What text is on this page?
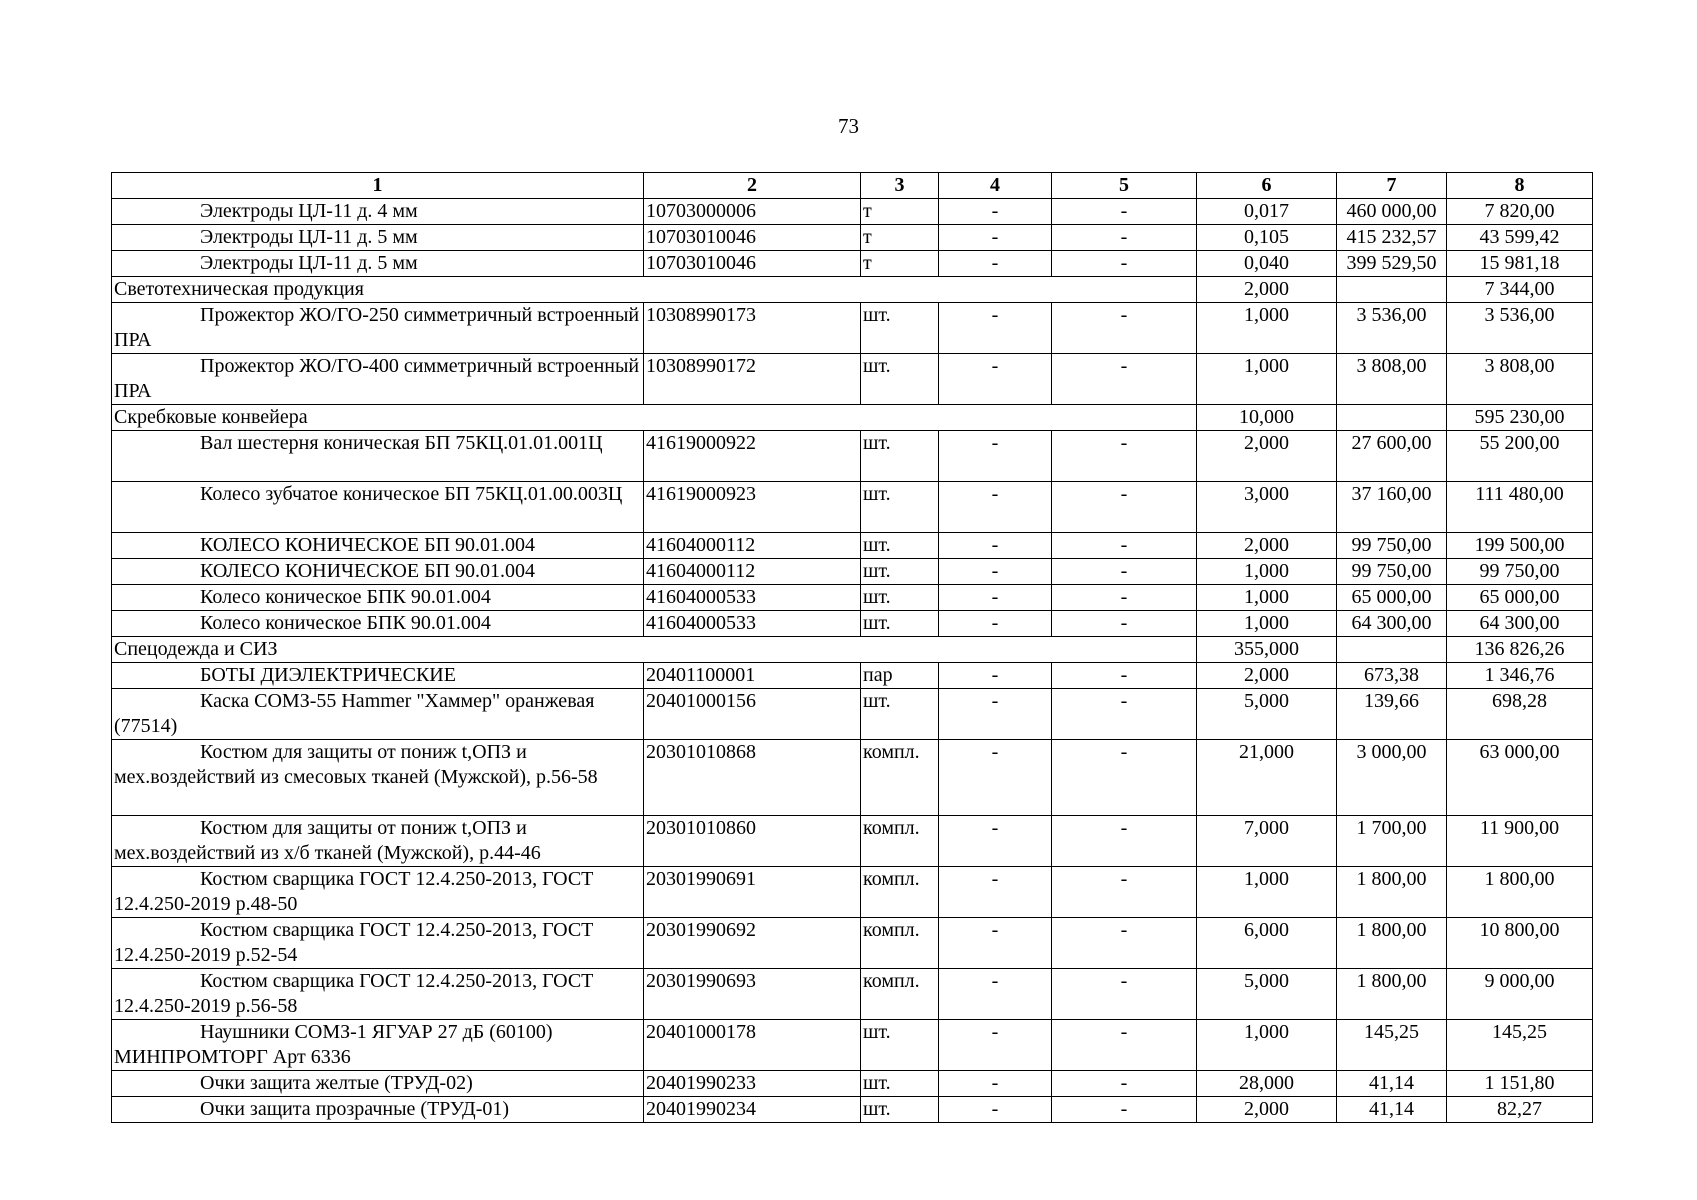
73
1	2	3	4	5	6	7	8
Электроды ЦЛ-11 д. 4 мм	10703000006	т	-	-	0,017	460 000,00	7 820,00
Электроды ЦЛ-11 д. 5 мм	10703010046	т	-	-	0,105	415 232,57	43 599,42
Электроды ЦЛ-11 д. 5 мм	10703010046	т	-	-	0,040	399 529,50	15 981,18
Светотехническая продукция					2,000		7 344,00
Прожектор ЖО/ГО-250 симметричный встроенный ПРА	10308990173	шт.	-	-	1,000	3 536,00	3 536,00
Прожектор ЖО/ГО-400 симметричный встроенный ПРА	10308990172	шт.	-	-	1,000	3 808,00	3 808,00
Скребковые конвейера					10,000		595 230,00
Вал шестерня коническая БП 75КЦ.01.01.001Ц	41619000922	шт.	-	-	2,000	27 600,00	55 200,00
Колесо зубчатое коническое БП 75КЦ.01.00.003Ц	41619000923	шт.	-	-	3,000	37 160,00	111 480,00
КОЛЕСО КОНИЧЕСКОЕ БП 90.01.004	41604000112	шт.	-	-	2,000	99 750,00	199 500,00
КОЛЕСО КОНИЧЕСКОЕ БП 90.01.004	41604000112	шт.	-	-	1,000	99 750,00	99 750,00
Колесо коническое БПК 90.01.004	41604000533	шт.	-	-	1,000	65 000,00	65 000,00
Колесо коническое БПК 90.01.004	41604000533	шт.	-	-	1,000	64 300,00	64 300,00
Спецодежда и СИЗ					355,000		136 826,26
БОТЫ ДИЭЛЕКТРИЧЕСКИЕ	20401100001	пар	-	-	2,000	673,38	1 346,76
Каска СОМЗ-55 Hammer "Хаммер" оранжевая (77514)	20401000156	шт.	-	-	5,000	139,66	698,28
Костюм для защиты от пониж t,ОПЗ и мех.воздействий из смесовых тканей (Мужской), р.56-58	20301010868	компл.	-	-	21,000	3 000,00	63 000,00
Костюм для защиты от пониж t,ОПЗ и мех.воздействий из х/б тканей (Мужской), р.44-46	20301010860	компл.	-	-	7,000	1 700,00	11 900,00
Костюм сварщика ГОСТ 12.4.250-2013, ГОСТ 12.4.250-2019 р.48-50	20301990691	компл.	-	-	1,000	1 800,00	1 800,00
Костюм сварщика ГОСТ 12.4.250-2013, ГОСТ 12.4.250-2019 р.52-54	20301990692	компл.	-	-	6,000	1 800,00	10 800,00
Костюм сварщика ГОСТ 12.4.250-2013, ГОСТ 12.4.250-2019 р.56-58	20301990693	компл.	-	-	5,000	1 800,00	9 000,00
Наушники СОМЗ-1 ЯГУАР 27 дБ (60100) МИНПРОМТОРГ Арт 6336	20401000178	шт.	-	-	1,000	145,25	145,25
Очки защита желтые (ТРУД-02)	20401990233	шт.	-	-	28,000	41,14	1 151,80
Очки защита прозрачные (ТРУД-01)	20401990234	шт.	-	-	2,000	41,14	82,27
